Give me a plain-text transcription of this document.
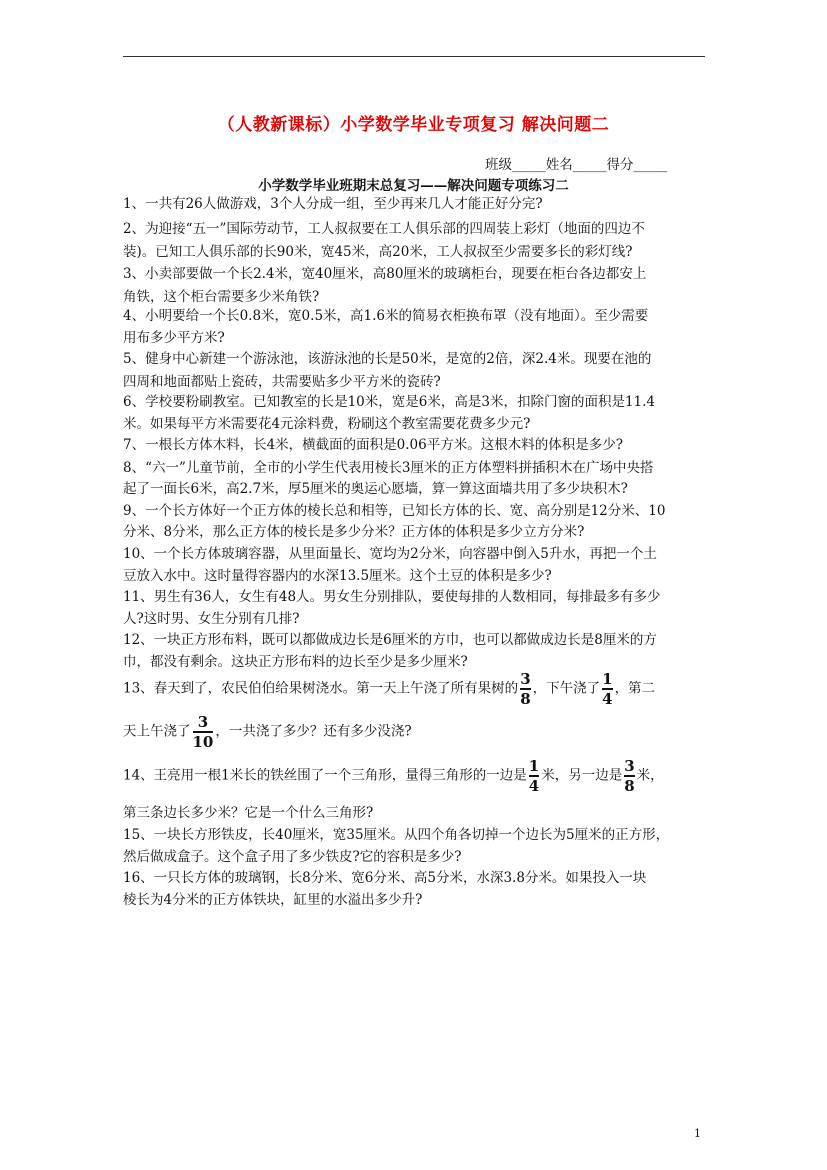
（人教新课标）小学数学毕业专项复习 解决问题二
班级_____姓名_____得分_____
小学数学毕业班期末总复习——解决问题专项练习二
1、一共有26人做游戏，3个人分成一组，至少再来几人才能正好分完?
2、为迎接“五一”国际劳动节，工人叔叔要在工人俱乐部的四周装上彩灯（地面的四边不
装)。已知工人俱乐部的长90米，宽45米，高20米，工人叔叔至少需要多长的彩灯线?
3、小卖部要做一个长2.4米，宽40厘米，高80厘米的玻璃柜台，现要在柜台各边都安上
角铁，这个柜台需要多少米角铁?
4、小明要给一个长0.8米，宽0.5米，高1.6米的简易衣柜换布罩（没有地面）。至少需要
用布多少平方米?
5、健身中心新建一个游泳池，该游泳池的长是50米，是宽的2倍，深2.4米。现要在池的
四周和地面都贴上瓷砖，共需要贴多少平方米的瓷砖?
6、学校要粉刷教室。已知教室的长是10米，宽是6米，高是3米，扣除门窗的面积是11.4
米。如果每平方米需要花4元涂料费，粉刷这个教室需要花费多少元?
7、一根长方体木料，长4米，横截面的面积是0.06平方米。这根木料的体积是多少?
8、“六一”儿童节前，全市的小学生代表用棱长3厘米的正方体塑料拼插积木在广场中央搭
起了一面长6米，高2.7米，厚5厘米的奥运心愿墙，算一算这面墙共用了多少块积木?
9、一个长方体好一个正方体的棱长总和相等，已知长方体的长、宽、高分别是12分米、10
分米、8分米，那么正方体的棱长是多少分米？正方体的体积是多少立方分米?
10、一个长方体玻璃容器，从里面量长、宽均为2分米，向容器中倒入5升水，再把一个土
豆放入水中。这时量得容器内的水深13.5厘米。这个土豆的体积是多少?
11、男生有36人，女生有48人。男女生分别排队，要使每排的人数相同，每排最多有多少
人?这时男、女生分别有几排?
12、一块正方形布料，既可以都做成边长是6厘米的方巾，也可以都做成边长是8厘米的方
巾，都没有剩余。这块正方形布料的边长至少是多少厘米?
13、春天到了，农民伯伯给果树浇水。第一天上午浇了所有果树的 $\frac{3}{8}$ ，下午浇了 $\frac{1}{4}$ ，第二
天上午浇了 $\frac{3}{10}$ ，一共浇了多少？还有多少没浇?
14、王亮用一根1米长的铁丝围了一个三角形，量得三角形的一边是 $\frac{1}{4}$ 米，另一边是 $\frac{3}{8}$ 米，
第三条边长多少米？它是一个什么三角形?
15、一块长方形铁皮，长40厘米，宽35厘米。从四个角各切掉一个边长为5厘米的正方形，
然后做成盒子。这个盒子用了多少铁皮?它的容积是多少?
16、一只长方体的玻璃钢，长8分米、宽6分米、高5分米，水深3.8分米。如果投入一块
棱长为4分米的正方体铁块，缸里的水溢出多少升?
1
